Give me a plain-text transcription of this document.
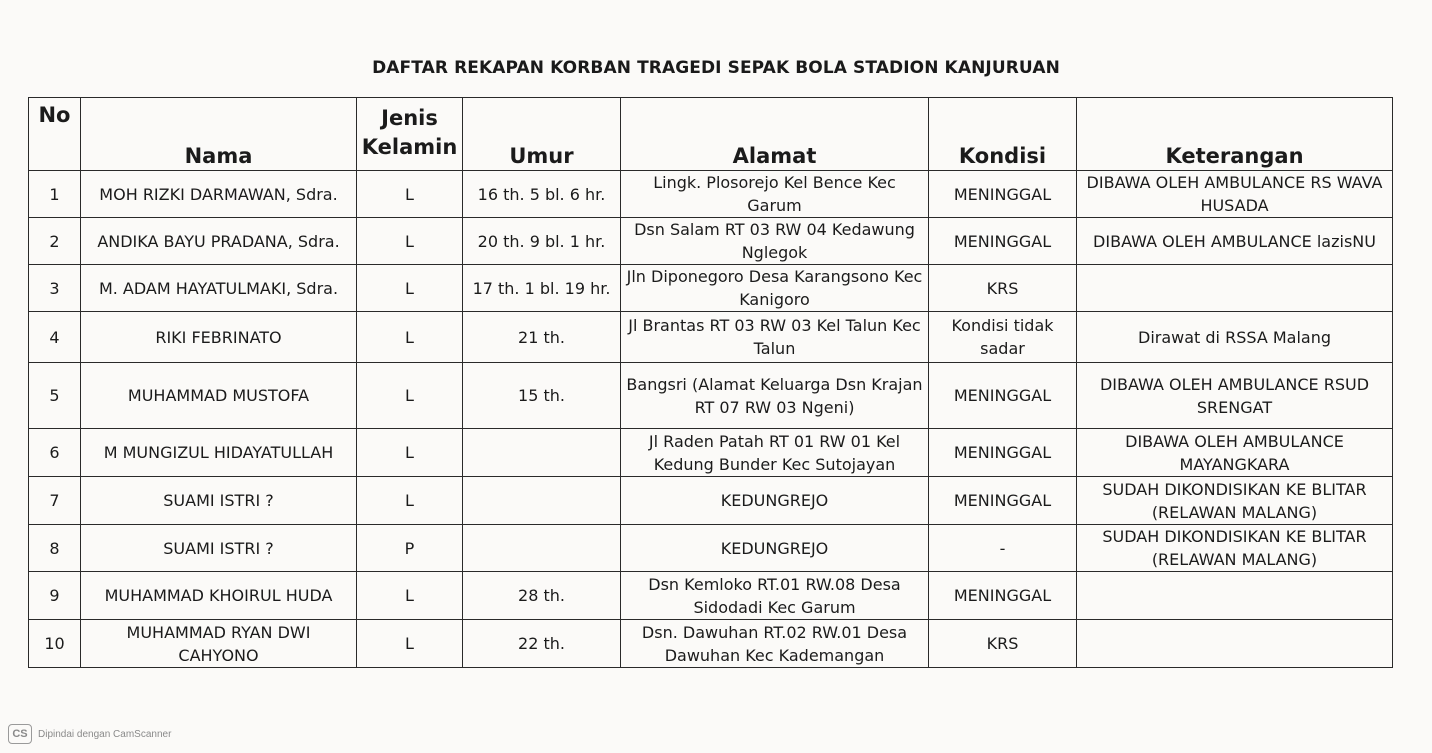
DAFTAR REKAPAN KORBAN TRAGEDI SEPAK BOLA STADION KANJURUAN
No	Nama	Jenis Kelamin	Umur	Alamat	Kondisi	Keterangan
1	MOH RIZKI DARMAWAN, Sdra.	L	16 th. 5 bl. 6 hr.	Lingk. Plosorejo Kel Bence Kec Garum	MENINGGAL	DIBAWA OLEH AMBULANCE RS WAVA HUSADA
2	ANDIKA BAYU PRADANA, Sdra.	L	20 th. 9 bl. 1 hr.	Dsn Salam RT 03 RW 04 Kedawung Nglegok	MENINGGAL	DIBAWA OLEH AMBULANCE lazisNU
3	M. ADAM HAYATULMAKI, Sdra.	L	17 th. 1 bl. 19 hr.	Jln Diponegoro Desa Karangsono Kec Kanigoro	KRS	
4	RIKI FEBRINATO	L	21 th.	Jl Brantas RT 03 RW 03 Kel Talun Kec Talun	Kondisi tidak sadar	Dirawat di RSSA Malang
5	MUHAMMAD MUSTOFA	L	15 th.	Bangsri (Alamat Keluarga Dsn Krajan RT 07 RW 03 Ngeni)	MENINGGAL	DIBAWA OLEH AMBULANCE RSUD SRENGAT
6	M MUNGIZUL HIDAYATULLAH	L		Jl Raden Patah RT 01 RW 01 Kel Kedung Bunder Kec Sutojayan	MENINGGAL	DIBAWA OLEH AMBULANCE MAYANGKARA
7	SUAMI ISTRI ?	L		KEDUNGREJO	MENINGGAL	SUDAH DIKONDISIKAN KE BLITAR (RELAWAN MALANG)
8	SUAMI ISTRI ?	P		KEDUNGREJO	-	SUDAH DIKONDISIKAN KE BLITAR (RELAWAN MALANG)
9	MUHAMMAD KHOIRUL HUDA	L	28 th.	Dsn Kemloko RT.01 RW.08 Desa Sidodadi Kec Garum	MENINGGAL	
10	MUHAMMAD RYAN DWI CAHYONO	L	22 th.	Dsn. Dawuhan RT.02 RW.01 Desa Dawuhan Kec Kademangan	KRS	
CS	Dipindai dengan CamScanner
